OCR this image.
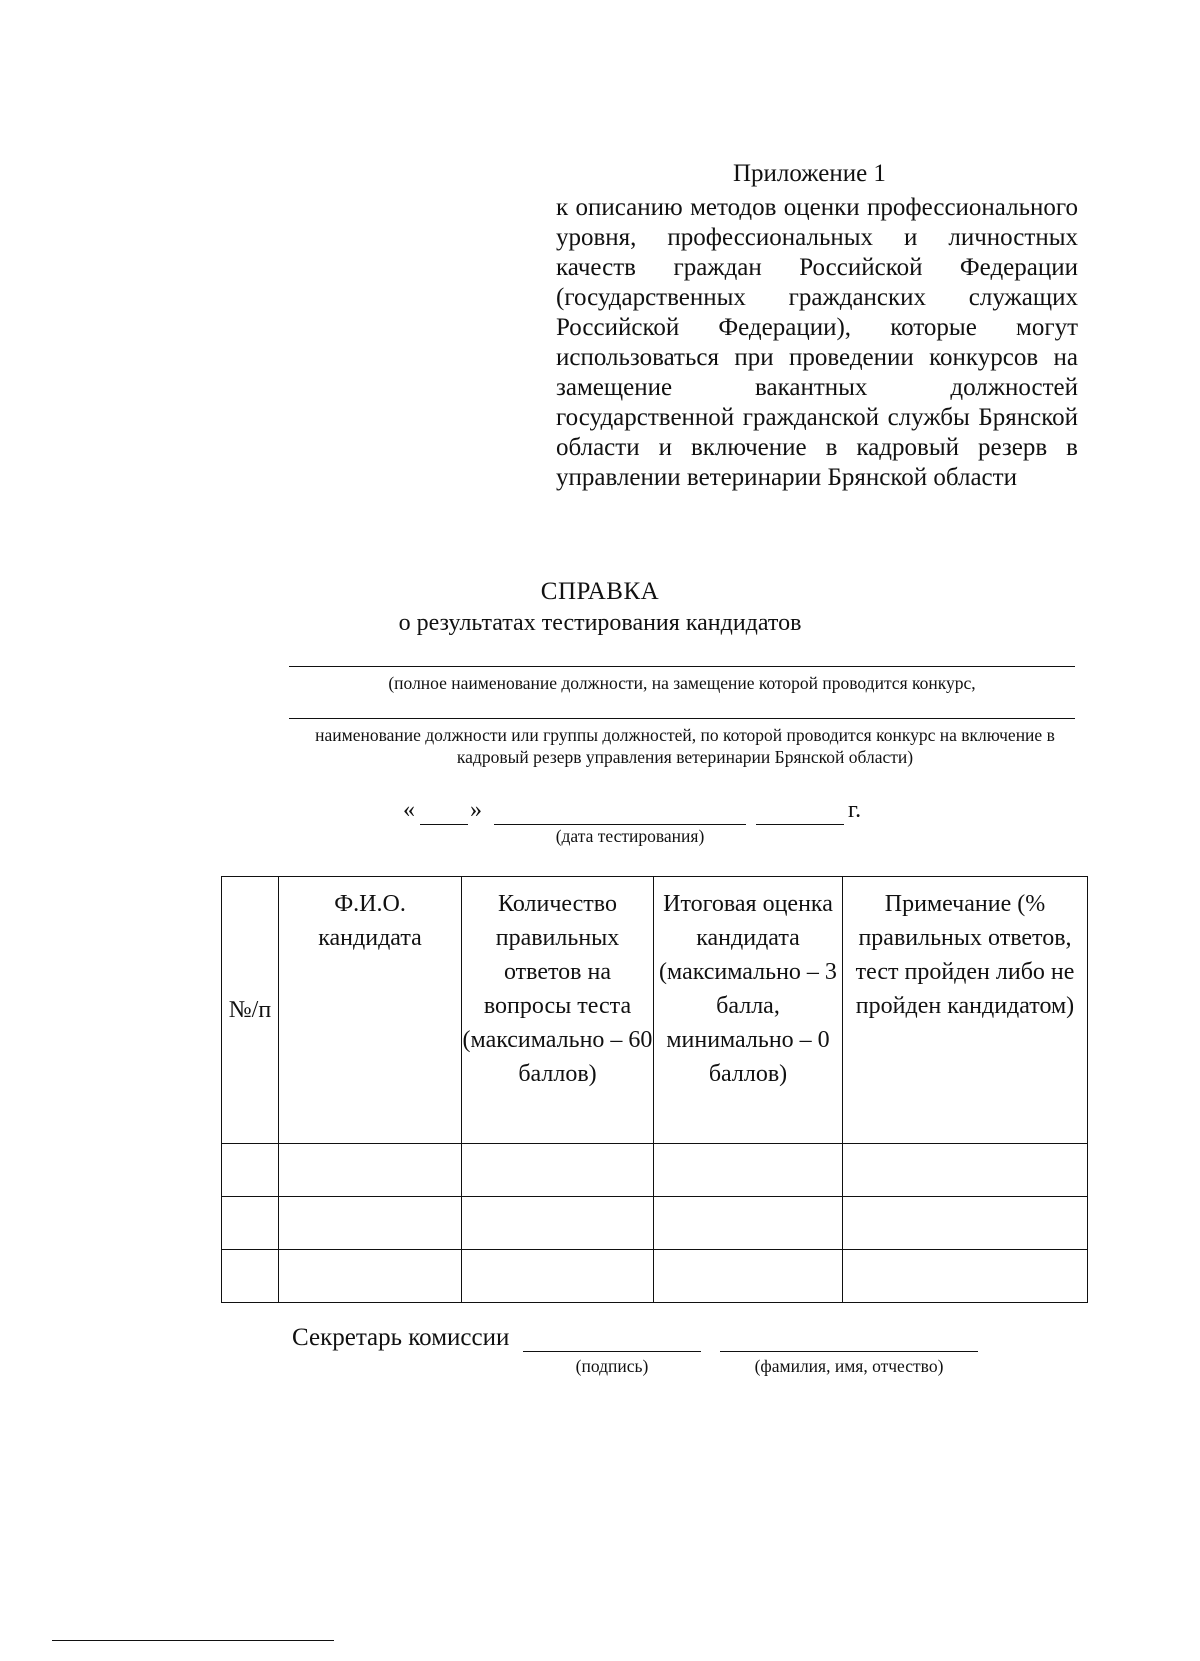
Приложение 1
к описанию методов оценки профессионального уровня, профессиональных и личностных качеств граждан Российской Федерации (государственных гражданских служащих Российской Федерации), которые могут использоваться при проведении конкурсов на замещение вакантных должностей государственной гражданской службы Брянской области и включение в кадровый резерв в управлении ветеринарии Брянской области
СПРАВКА
о результатах тестирования кандидатов
(полное наименование должности, на замещение которой проводится конкурс,
наименование должности или группы должностей, по которой проводится конкурс на включение в кадровый резерв управления ветеринарии Брянской области)
« »	г.
(дата тестирования)
№/п	Ф.И.О. кандидата	Количество правильных ответов на вопросы теста (максимально – 60 баллов)	Итоговая оценка кандидата (максимально – 3 балла, минимально – 0 баллов)	Примечание (% правильных ответов, тест пройден либо не пройден кандидатом)

Секретарь комиссии
(подпись)	(фамилия, имя, отчество)
